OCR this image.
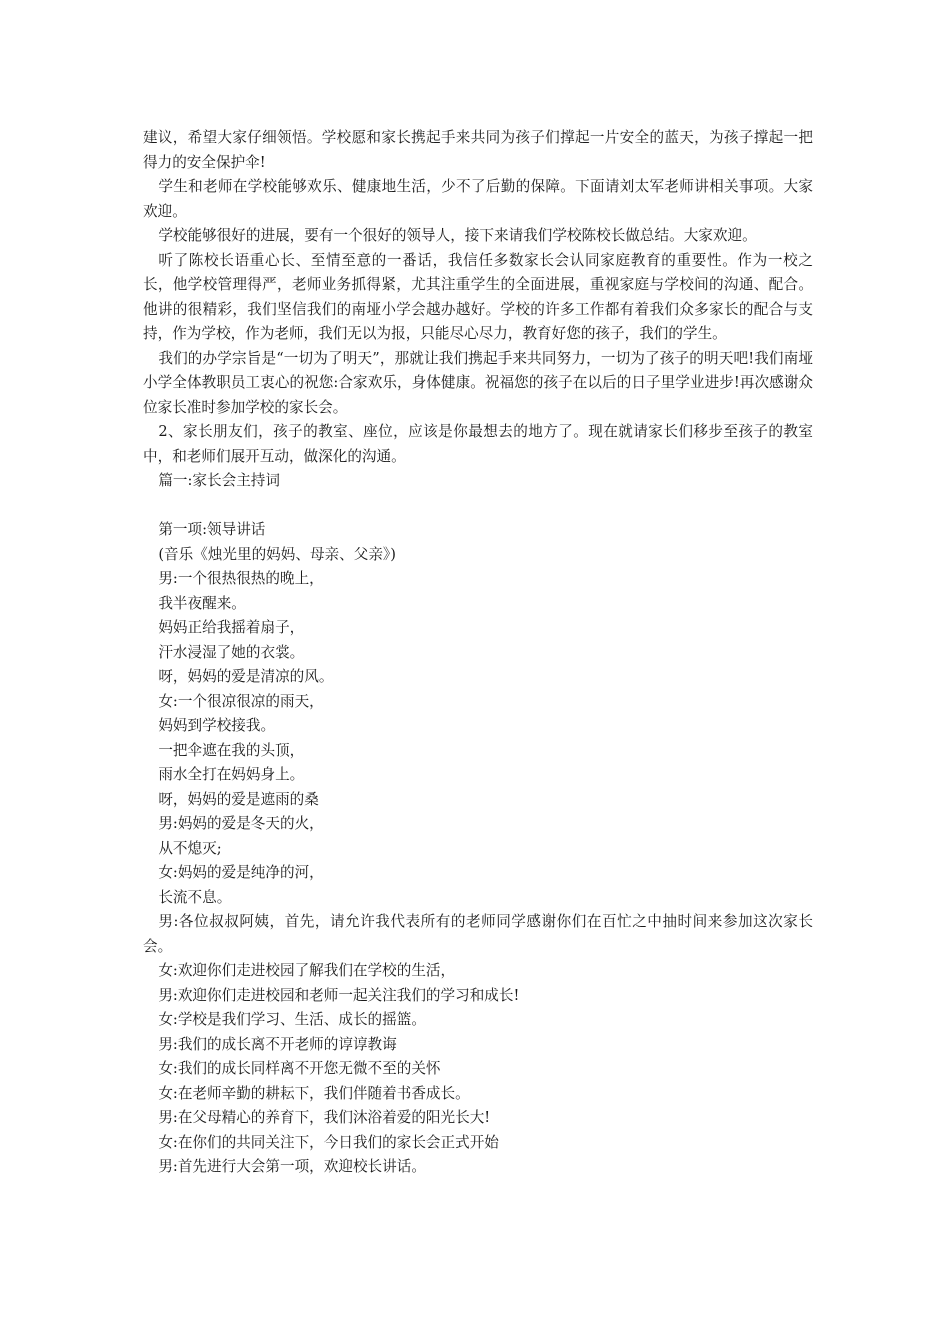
建议，希望大家仔细领悟。学校愿和家长携起手来共同为孩子们撑起一片安全的蓝天，为孩子撑起一把得力的安全保护伞!

学生和老师在学校能够欢乐、健康地生活，少不了后勤的保障。下面请刘太军老师讲相关事项。大家欢迎。

学校能够很好的进展，要有一个很好的领导人，接下来请我们学校陈校长做总结。大家欢迎。

听了陈校长语重心长、至情至意的一番话，我信任多数家长会认同家庭教育的重要性。作为一校之长，他学校管理得严，老师业务抓得紧，尤其注重学生的全面进展，重视家庭与学校间的沟通、配合。他讲的很精彩，我们坚信我们的南垭小学会越办越好。学校的许多工作都有着我们众多家长的配合与支持，作为学校，作为老师，我们无以为报，只能尽心尽力，教育好您的孩子，我们的学生。

我们的办学宗旨是“一切为了明天”，那就让我们携起手来共同努力，一切为了孩子的明天吧!我们南垭小学全体教职员工衷心的祝您:合家欢乐，身体健康。祝福您的孩子在以后的日子里学业进步!再次感谢众位家长准时参加学校的家长会。

2、家长朋友们，孩子的教室、座位，应该是你最想去的地方了。现在就请家长们移步至孩子的教室中，和老师们展开互动，做深化的沟通。

篇一:家长会主持词

第一项:领导讲话

(音乐《烛光里的妈妈、母亲、父亲》)

男:一个很热很热的晚上，

我半夜醒来。

妈妈正给我摇着扇子，

汗水浸湿了她的衣裳。

呀，妈妈的爱是清凉的风。

女:一个很凉很凉的雨天，

妈妈到学校接我。

一把伞遮在我的头顶，

雨水全打在妈妈身上。

呀，妈妈的爱是遮雨的桑

男:妈妈的爱是冬天的火，

从不熄灭;

女:妈妈的爱是纯净的河，

长流不息。

男:各位叔叔阿姨，首先，请允许我代表所有的老师同学感谢你们在百忙之中抽时间来参加这次家长会。

女:欢迎你们走进校园了解我们在学校的生活，

男:欢迎你们走进校园和老师一起关注我们的学习和成长!

女:学校是我们学习、生活、成长的摇篮。

男:我们的成长离不开老师的谆谆教诲

女:我们的成长同样离不开您无微不至的关怀

女:在老师辛勤的耕耘下，我们伴随着书香成长。

男:在父母精心的养育下，我们沐浴着爱的阳光长大!

女:在你们的共同关注下，今日我们的家长会正式开始

男:首先进行大会第一项，欢迎校长讲话。
